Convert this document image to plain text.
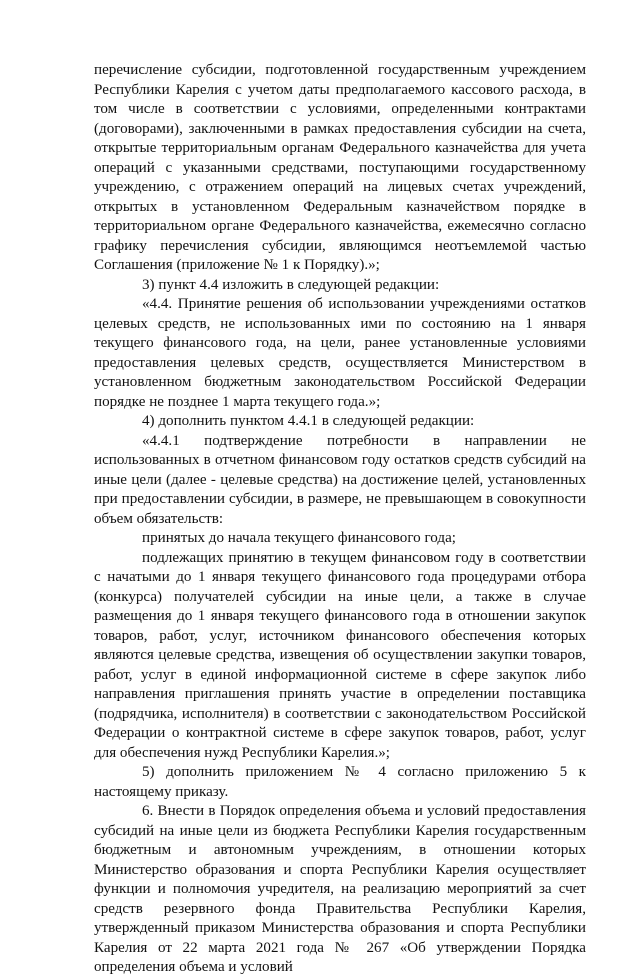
перечисление субсидии, подготовленной государственным учреждением Республики Карелия с учетом даты предполагаемого кассового расхода, в том числе в соответствии с условиями, определенными контрактами (договорами), заключенными в рамках предоставления субсидии на счета, открытые территориальным органам Федерального казначейства для учета операций с указанными средствами, поступающими государственному учреждению, с отражением операций на лицевых счетах учреждений, открытых в установленном Федеральным казначейством порядке в территориальном органе Федерального казначейства, ежемесячно согласно графику перечисления субсидии, являющимся неотъемлемой частью Соглашения (приложение № 1 к Порядку).»;

3) пункт 4.4 изложить в следующей редакции:

«4.4. Принятие решения об использовании учреждениями остатков целевых средств, не использованных ими по состоянию на 1 января текущего финансового года, на цели, ранее установленные условиями предоставления целевых средств, осуществляется Министерством в установленном бюджетным законодательством Российской Федерации порядке не позднее 1 марта текущего года.»;

4) дополнить пунктом 4.4.1 в следующей редакции:

«4.4.1 подтверждение потребности в направлении не использованных в отчетном финансовом году остатков средств субсидий на иные цели (далее - целевые средства) на достижение целей, установленных при предоставлении субсидии, в размере, не превышающем в совокупности объем обязательств:

принятых до начала текущего финансового года;

подлежащих принятию в текущем финансовом году в соответствии с начатыми до 1 января текущего финансового года процедурами отбора (конкурса) получателей субсидии на иные цели, а также в случае размещения до 1 января текущего финансового года в отношении закупок товаров, работ, услуг, источником финансового обеспечения которых являются целевые средства, извещения об осуществлении закупки товаров, работ, услуг в единой информационной системе в сфере закупок либо направления приглашения принять участие в определении поставщика (подрядчика, исполнителя) в соответствии с законодательством Российской Федерации о контрактной системе в сфере закупок товаров, работ, услуг для обеспечения нужд Республики Карелия.»;

5) дополнить приложением № 4 согласно приложению 5 к настоящему приказу.

6. Внести в Порядок определения объема и условий предоставления субсидий на иные цели из бюджета Республики Карелия государственным бюджетным и автономным учреждениям, в отношении которых Министерство образования и спорта Республики Карелия осуществляет функции и полномочия учредителя, на реализацию мероприятий за счет средств резервного фонда Правительства Республики Карелия, утвержденный приказом Министерства образования и спорта Республики Карелия от 22 марта 2021 года № 267 «Об утверждении Порядка определения объема и условий
